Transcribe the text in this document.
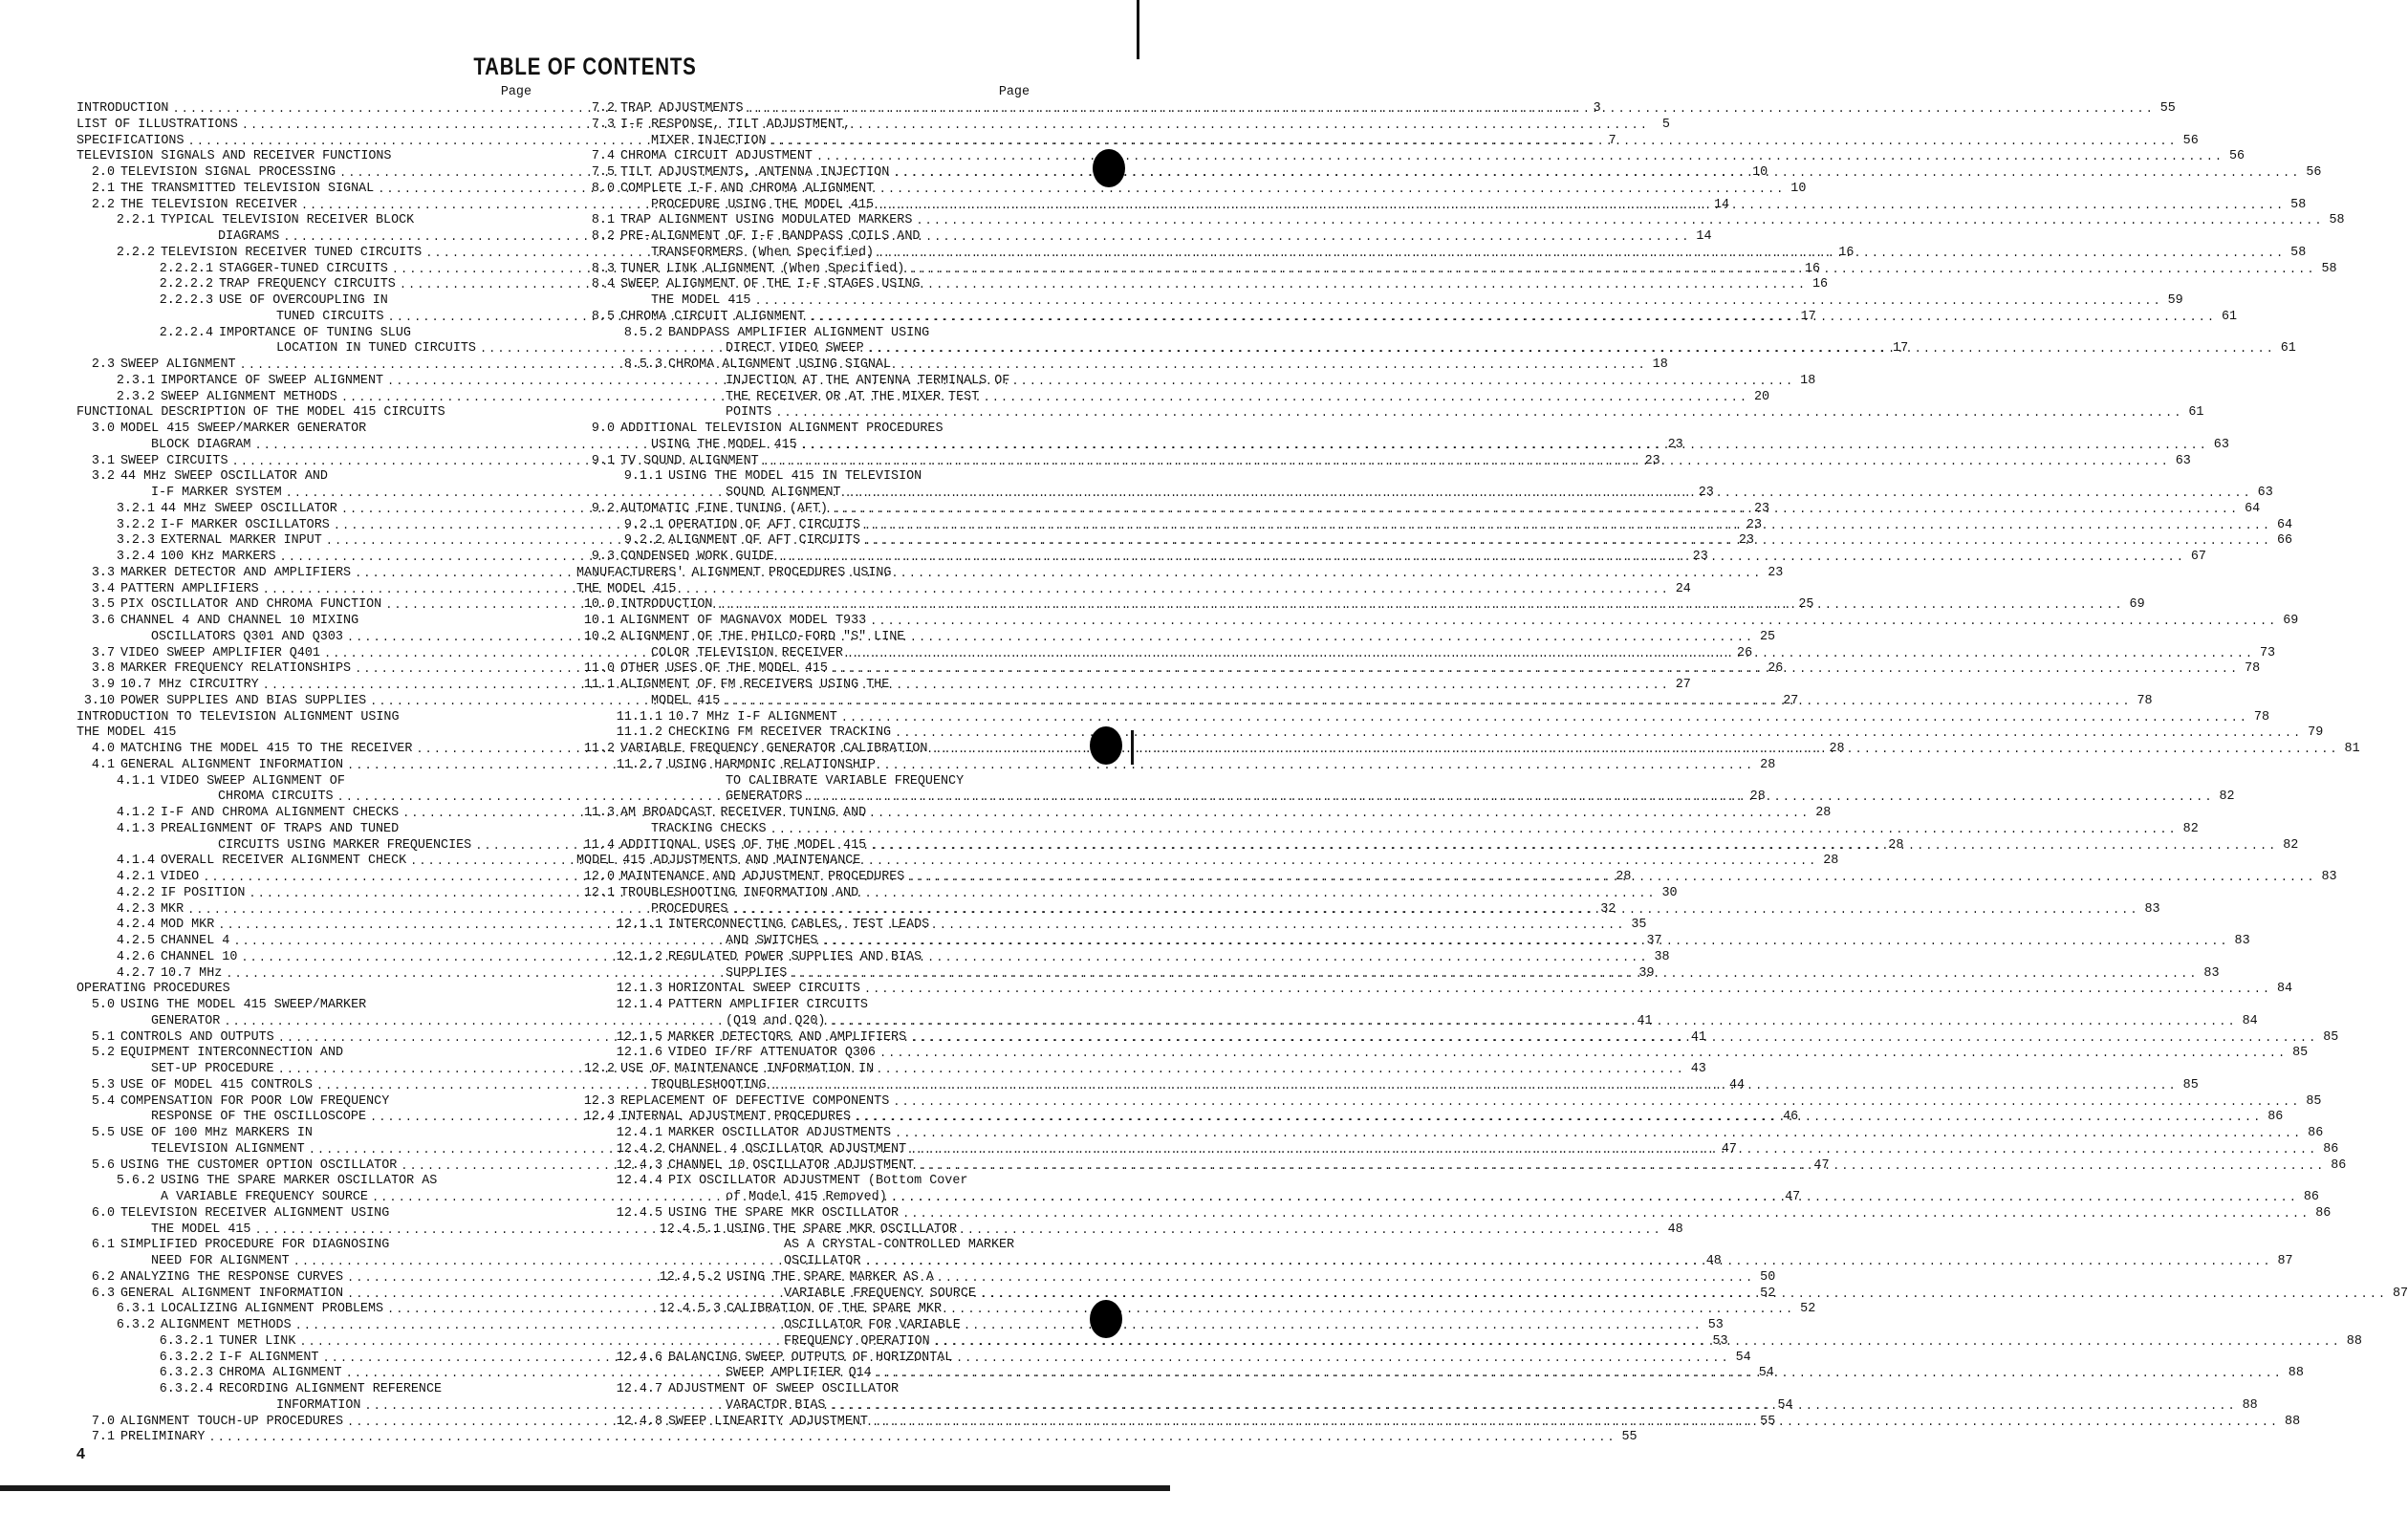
TABLE OF CONTENTS
Page
INTRODUCTION .....	3
LIST OF ILLUSTRATIONS .....	5
SPECIFICATIONS .....	7
TELEVISION SIGNALS AND RECEIVER FUNCTIONS
2.0 TELEVISION SIGNAL PROCESSING .....	10
2.1 THE TRANSMITTED TELEVISION SIGNAL .....	10
2.2 THE TELEVISION RECEIVER .....	14
2.2.1 TYPICAL TELEVISION RECEIVER BLOCK
DIAGRAMS .....	14
2.2.2 TELEVISION RECEIVER TUNED CIRCUITS .....	16
2.2.2.1 STAGGER-TUNED CIRCUITS .....	16
2.2.2.2 TRAP FREQUENCY CIRCUITS .....	16
2.2.2.3 USE OF OVERCOUPLING IN
TUNED CIRCUITS .....	17
2.2.2.4 IMPORTANCE OF TUNING SLUG
LOCATION IN TUNED CIRCUITS .....	17
2.3 SWEEP ALIGNMENT .....	18
2.3.1 IMPORTANCE OF SWEEP ALIGNMENT .....	18
2.3.2 SWEEP ALIGNMENT METHODS .....	20
FUNCTIONAL DESCRIPTION OF THE MODEL 415 CIRCUITS
3.0 MODEL 415 SWEEP/MARKER GENERATOR
BLOCK DIAGRAM .....	23
3.1 SWEEP CIRCUITS .....	23
3.2 44 MHz SWEEP OSCILLATOR AND
I-F MARKER SYSTEM .....	23
3.2.1 44 MHz SWEEP OSCILLATOR .....	23
3.2.2 I-F MARKER OSCILLATORS .....	23
3.2.3 EXTERNAL MARKER INPUT .....	23
3.2.4 100 KHz MARKERS .....	23
3.3 MARKER DETECTOR AND AMPLIFIERS .....	23
3.4 PATTERN AMPLIFIERS .....	24
3.5 PIX OSCILLATOR AND CHROMA FUNCTION .....	25
3.6 CHANNEL 4 AND CHANNEL 10 MIXING
OSCILLATORS Q301 AND Q303 .....	25
3.7 VIDEO SWEEP AMPLIFIER Q401 .....	26
3.8 MARKER FREQUENCY RELATIONSHIPS .....	26
3.9 10.7 MHz CIRCUITRY .....	27
3.10 POWER SUPPLIES AND BIAS SUPPLIES .....	27
INTRODUCTION TO TELEVISION ALIGNMENT USING
THE MODEL 415
4.0 MATCHING THE MODEL 415 TO THE RECEIVER .....	28
4.1 GENERAL ALIGNMENT INFORMATION .....	28
4.1.1 VIDEO SWEEP ALIGNMENT OF
CHROMA CIRCUITS .....	28
4.1.2 I-F AND CHROMA ALIGNMENT CHECKS .....	28
4.1.3 PREALIGNMENT OF TRAPS AND TUNED
CIRCUITS USING MARKER FREQUENCIES .....	28
4.1.4 OVERALL RECEIVER ALIGNMENT CHECK .....	28
4.2.1 VIDEO .....	28
4.2.2 IF POSITION .....	30
4.2.3 MKR .....	32
4.2.4 MOD MKR .....	35
4.2.5 CHANNEL 4 .....	37
4.2.6 CHANNEL 10 .....	38
4.2.7 10.7 MHz .....	39
OPERATING PROCEDURES
5.0 USING THE MODEL 415 SWEEP/MARKER
GENERATOR .....	41
5.1 CONTROLS AND OUTPUTS .....	41
5.2 EQUIPMENT INTERCONNECTION AND
SET-UP PROCEDURE .....	43
5.3 USE OF MODEL 415 CONTROLS .....	44
5.4 COMPENSATION FOR POOR LOW FREQUENCY
RESPONSE OF THE OSCILLOSCOPE .....	46
5.5 USE OF 100 MHz MARKERS IN
TELEVISION ALIGNMENT .....	47
5.6 USING THE CUSTOMER OPTION OSCILLATOR .....	47
5.6.2 USING THE SPARE MARKER OSCILLATOR AS
A VARIABLE FREQUENCY SOURCE .....	47
6.0 TELEVISION RECEIVER ALIGNMENT USING
THE MODEL 415 .....	48
6.1 SIMPLIFIED PROCEDURE FOR DIAGNOSING
NEED FOR ALIGNMENT .....	48
6.2 ANALYZING THE RESPONSE CURVES .....	50
6.3 GENERAL ALIGNMENT INFORMATION .....	52
6.3.1 LOCALIZING ALIGNMENT PROBLEMS .....	52
6.3.2 ALIGNMENT METHODS .....	53
6.3.2.1 TUNER LINK .....	53
6.3.2.2 I-F ALIGNMENT .....	54
6.3.2.3 CHROMA ALIGNMENT .....	54
6.3.2.4 RECORDING ALIGNMENT REFERENCE
INFORMATION .....	54
7.0 ALIGNMENT TOUCH-UP PROCEDURES .....	55
7.1 PRELIMINARY .....	55
Page
7.2 TRAP ADJUSTMENTS .....	55
7.3 I-F RESPONSE, TILT ADJUSTMENT,
MIXER INJECTION .....	56
7.4 CHROMA CIRCUIT ADJUSTMENT .....	56
7.5 TILT ADJUSTMENTS, ANTENNA INJECTION .....	56
8.0 COMPLETE I-F AND CHROMA ALIGNMENT
PROCEDURE USING THE MODEL 415 .....	58
8.1 TRAP ALIGNMENT USING MODULATED MARKERS .....	58
8.2 PRE-ALIGNMENT OF I-F BANDPASS COILS AND
TRANSFORMERS (When Specified) .....	58
8.3 TUNER LINK ALIGNMENT (When Specified) .....	58
8.4 SWEEP ALIGNMENT OF THE I-F STAGES USING
THE MODEL 415 .....	59
8.5 CHROMA CIRCUIT ALIGNMENT .....	61
8.5.2 BANDPASS AMPLIFIER ALIGNMENT USING
DIRECT VIDEO SWEEP .....	61
8.5.3 CHROMA ALIGNMENT USING SIGNAL
INJECTION AT THE ANTENNA TERMINALS OF
THE RECEIVER OR AT THE MIXER TEST
POINTS .....	61
9.0 ADDITIONAL TELEVISION ALIGNMENT PROCEDURES
USING THE MODEL 415 .....	63
9.1 TV SOUND ALIGNMENT .....	63
9.1.1 USING THE MODEL 415 IN TELEVISION
SOUND ALIGNMENT .....	63
9.2 AUTOMATIC FINE TUNING (AFT) .....	64
9.2.1 OPERATION OF AFT CIRCUITS .....	64
9.2.2 ALIGNMENT OF AFT CIRCUITS .....	66
9.3 CONDENSED WORK GUIDE .....	67
MANUFACTURERS' ALIGNMENT PROCEDURES USING
THE MODEL 415
10.0 INTRODUCTION .....	69
10.1 ALIGNMENT OF MAGNAVOX MODEL T933 .....	69
10.2 ALIGNMENT OF THE PHILCO-FORD "S" LINE
COLOR TELEVISION RECEIVER .....	73
11.0 OTHER USES OF THE MODEL 415 .....	78
11.1 ALIGNMENT OF FM RECEIVERS USING THE
MODEL 415 .....	78
11.1.1 10.7 MHz I-F ALIGNMENT .....	78
11.1.2 CHECKING FM RECEIVER TRACKING .....	79
11.2 VARIABLE FREQUENCY GENERATOR CALIBRATION .....	81
11.2.7 USING HARMONIC RELATIONSHIP
TO CALIBRATE VARIABLE FREQUENCY
GENERATORS .....	82
11.3 AM BROADCAST RECEIVER TUNING AND
TRACKING CHECKS .....	82
11.4 ADDITIONAL USES OF THE MODEL 415 .....	82
MODEL 415 ADJUSTMENTS AND MAINTENANCE
12.0 MAINTENANCE AND ADJUSTMENT PROCEDURES .....	83
12.1 TROUBLESHOOTING INFORMATION AND
PROCEDURES .....	83
12.1.1 INTERCONNECTING CABLES, TEST LEADS
AND SWITCHES .....	83
12.1.2 REGULATED POWER SUPPLIES AND BIAS
SUPPLIES .....	83
12.1.3 HORIZONTAL SWEEP CIRCUITS .....	84
12.1.4 PATTERN AMPLIFIER CIRCUITS
(Q19 and Q20) .....	84
12.1.5 MARKER DETECTORS AND AMPLIFIERS .....	85
12.1.6 VIDEO IF/RF ATTENUATOR Q306 .....	85
12.2 USE OF MAINTENANCE INFORMATION IN
TROUBLESHOOTING .....	85
12.3 REPLACEMENT OF DEFECTIVE COMPONENTS .....	85
12.4 INTERNAL ADJUSTMENT PROCEDURES .....	86
12.4.1 MARKER OSCILLATOR ADJUSTMENTS .....	86
12.4.2 CHANNEL 4 OSCILLATOR ADJUSTMENT .....	86
12.4.3 CHANNEL 10 OSCILLATOR ADJUSTMENT .....	86
12.4.4 PIX OSCILLATOR ADJUSTMENT (Bottom Cover
of Model 415 Removed) .....	86
12.4.5 USING THE SPARE MKR OSCILLATOR .....	86
12.4.5.1 USING THE SPARE MKR OSCILLATOR
AS A CRYSTAL-CONTROLLED MARKER
OSCILLATOR .....	87
12.4.5.2 USING THE SPARE MARKER AS A
VARIABLE FREQUENCY SOURCE .....	87
12.4.5.3 CALIBRATION OF THE SPARE MKR
OSCILLATOR FOR VARIABLE
FREQUENCY OPERATION .....	88
12.4.6 BALANCING SWEEP OUTPUTS OF HORIZONTAL
SWEEP AMPLIFIER Q14 .....	88
12.4.7 ADJUSTMENT OF SWEEP OSCILLATOR
VARACTOR BIAS .....	88
12.4.8 SWEEP LINEARITY ADJUSTMENT .....	88
4
